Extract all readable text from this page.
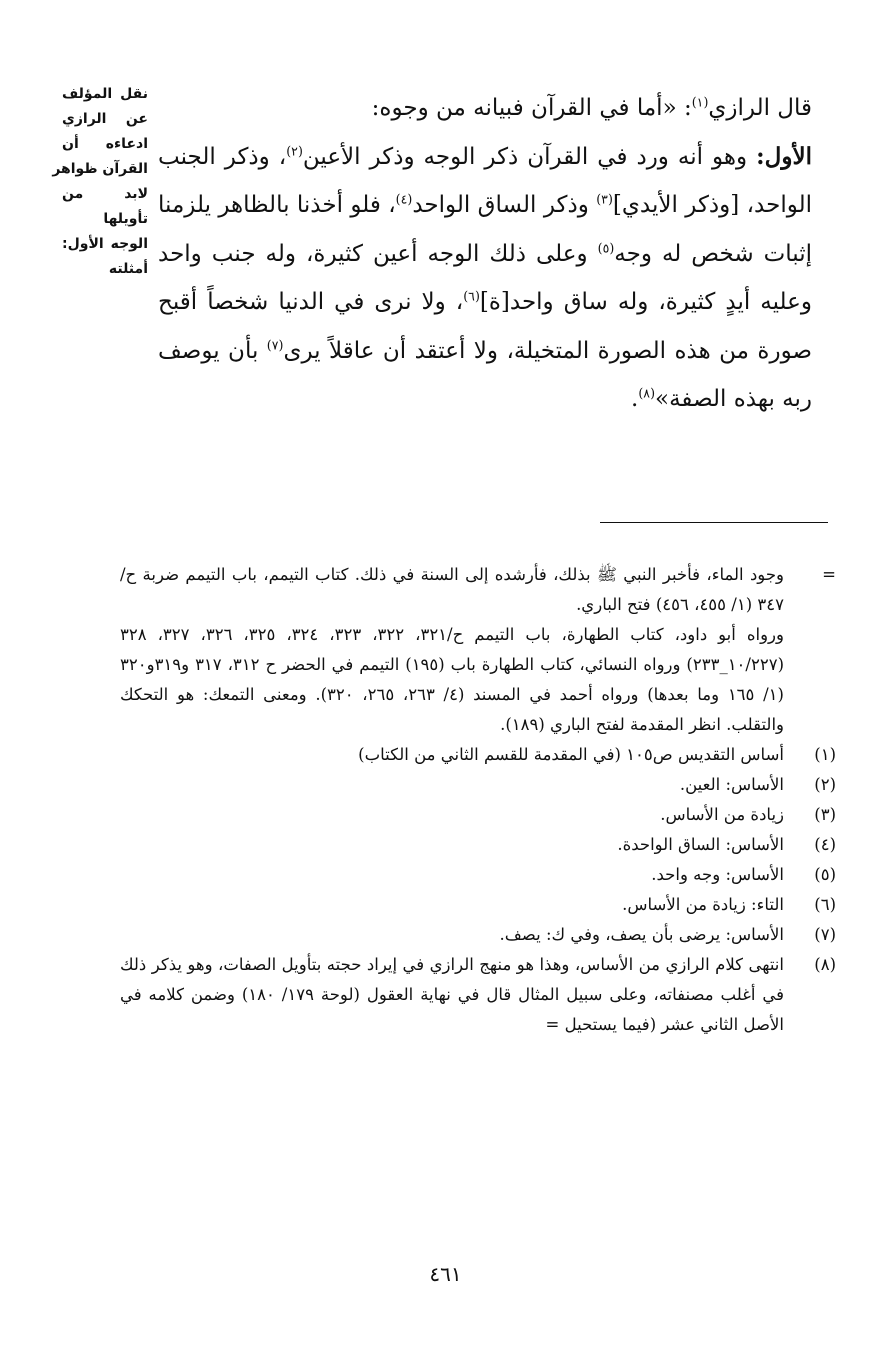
نقل المؤلف
عن الرازي
ادعاءه أن
القرآن ظواهر
لابد من
تأويلها
الوجه الأول:
أمثلته

قال الرازي$^{(١)}$: «أما في القرآن فبيانه من وجوه:

الأول: وهو أنه ورد في القرآن ذكر الوجه وذكر الأعين$^{(٢)}$، وذكر الجنب الواحد، [وذكر الأيدي]$^{(٣)}$ وذكر الساق الواحد$^{(٤)}$، فلو أخذنا بالظاهر يلزمنا إثبات شخص له وجه$^{(٥)}$ وعلى ذلك الوجه أعين كثيرة، وله جنب واحد وعليه أيدٍ كثيرة، وله ساق واحد[ة]$^{(٦)}$، ولا نرى في الدنيا شخصاً أقبح صورة من هذه الصورة المتخيلة، ولا أعتقد أن عاقلاً يرى$^{(٧)}$ بأن يوصف ربه بهذه الصفة»$^{(٨)}$.

=
وجود الماء، فأخبر النبي ﷺ بذلك، فأرشده إلى السنة في ذلك. كتاب التيمم، باب التيمم ضربة ح/٣٤٧ (١/ ٤٥٥، ٤٥٦) فتح الباري.
ورواه أبو داود، كتاب الطهارة، باب التيمم ح/٣٢١، ٣٢٢، ٣٢٣، ٣٢٤، ٣٢٥، ٣٢٦، ٣٢٧، ٣٢٨ (١٠/٢٢٧_٢٣٣) ورواه النسائي، كتاب الطهارة باب (١٩٥) التيمم في الحضر ح ٣١٢، ٣١٧ و٣١٩و٣٢٠ (١/ ١٦٥ وما بعدها) ورواه أحمد في المسند (٤/ ٢٦٣، ٢٦٥، ٣٢٠). ومعنى التمعك: هو التحكك والتقلب. انظر المقدمة لفتح الباري (١٨٩).
(١)
أساس التقديس ص١٠٥ (في المقدمة للقسم الثاني من الكتاب)
(٢)
الأساس: العين.
(٣)
زيادة من الأساس.
(٤)
الأساس: الساق الواحدة.
(٥)
الأساس: وجه واحد.
(٦)
التاء: زيادة من الأساس.
(٧)
الأساس: يرضى بأن يصف، وفي ك: يصف.
(٨)
انتهى كلام الرازي من الأساس، وهذا هو منهج الرازي في إيراد حجته بتأويل الصفات، وهو يذكر ذلك في أغلب مصنفاته، وعلى سبيل المثال قال في نهاية العقول (لوحة ١٧٩/ ١٨٠) وضمن كلامه في الأصل الثاني عشر (فيما يستحيل =
٤٦١
